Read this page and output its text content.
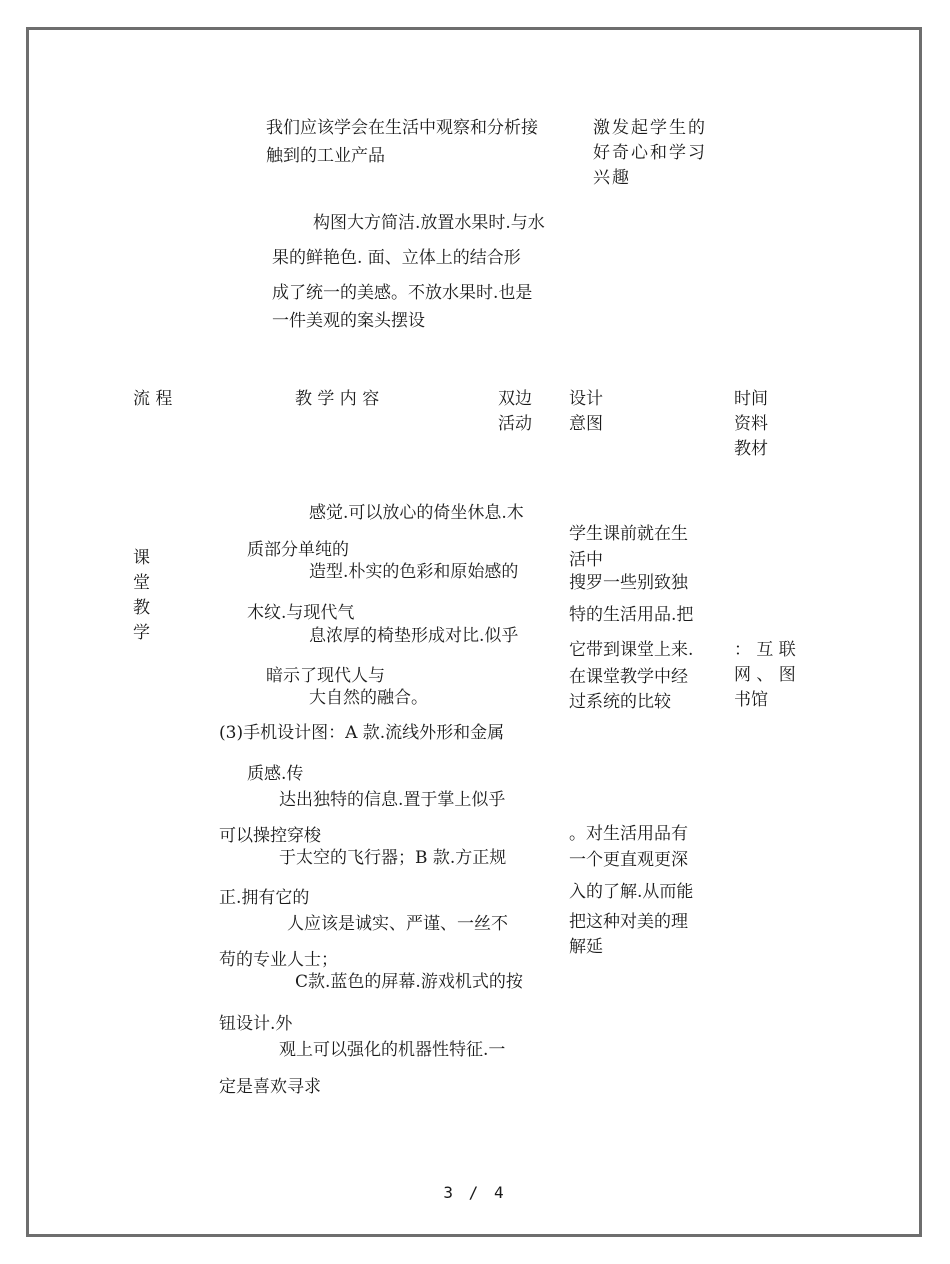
我们应该学会在生活中观察和分析接

触到的工业产品

激发起学生的

好奇心和学习

兴趣

构图大方简洁.放置水果时.与水

果的鲜艳色. 面、立体上的结合形

成了统一的美感。不放水果时.也是

一件美观的案头摆设

流 程	教 学 内 容	双边

活动

设计

意图

时间

资料

教材

课

堂

教

学

感觉.可以放心的倚坐休息.木

质部分单纯的

造型.朴实的色彩和原始感的

木纹.与现代气

息浓厚的椅垫形成对比.似乎

暗示了现代人与

大自然的融合。

(3)手机设计图：A 款.流线外形和金属

质感.传

达出独特的信息.置于掌上似乎

可以操控穿梭

于太空的飞行器；B 款.方正规

正.拥有它的

人应该是诚实、严谨、一丝不

苟的专业人士；

C款.蓝色的屏幕.游戏机式的按

钮设计.外

观上可以强化的机器性特征.一

定是喜欢寻求

学生课前就在生

活中

搜罗一些别致独

特的生活用品.把

它带到课堂上来.

在课堂教学中经

过系统的比较

。对生活用品有

一个更直观更深

入的了解.从而能

把这种对美的理

解延

： 互 联

网 、 图

书馆

3 / 4
